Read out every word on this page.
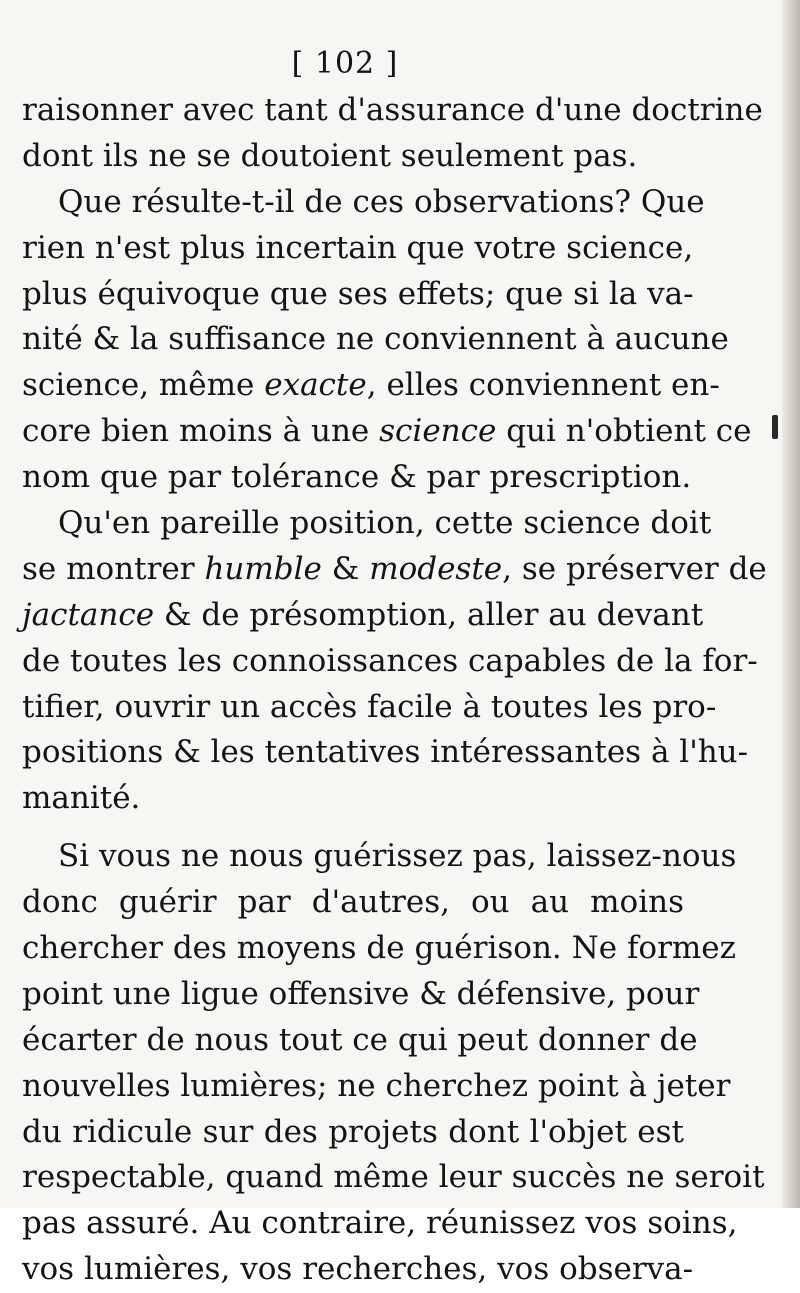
[ 102 ]
raisonner avec tant d'assurance d'une doctrine
dont ils ne se doutoient seulement pas.
Que résulte-t-il de ces observations? Que
rien n'est plus incertain que votre science,
plus équivoque que ses effets; que si la va-
nité & la suffisance ne conviennent à aucune
science, même exacte, elles conviennent en-
core bien moins à une science qui n'obtient ce
nom que par tolérance & par prescription.
Qu'en pareille position, cette science doit
se montrer humble & modeste, se préserver de
jactance & de présomption, aller au devant
de toutes les connoissances capables de la for-
tifier, ouvrir un accès facile à toutes les pro-
positions & les tentatives intéressantes à l'hu-
manité.
Si vous ne nous guérissez pas, laissez-nous
donc guérir par d'autres, ou au moins
chercher des moyens de guérison. Ne formez
point une ligue offensive & défensive, pour
écarter de nous tout ce qui peut donner de
nouvelles lumières; ne cherchez point à jeter
du ridicule sur des projets dont l'objet est
respectable, quand même leur succès ne seroit
pas assuré. Au contraire, réunissez vos soins,
vos lumières, vos recherches, vos observa-
